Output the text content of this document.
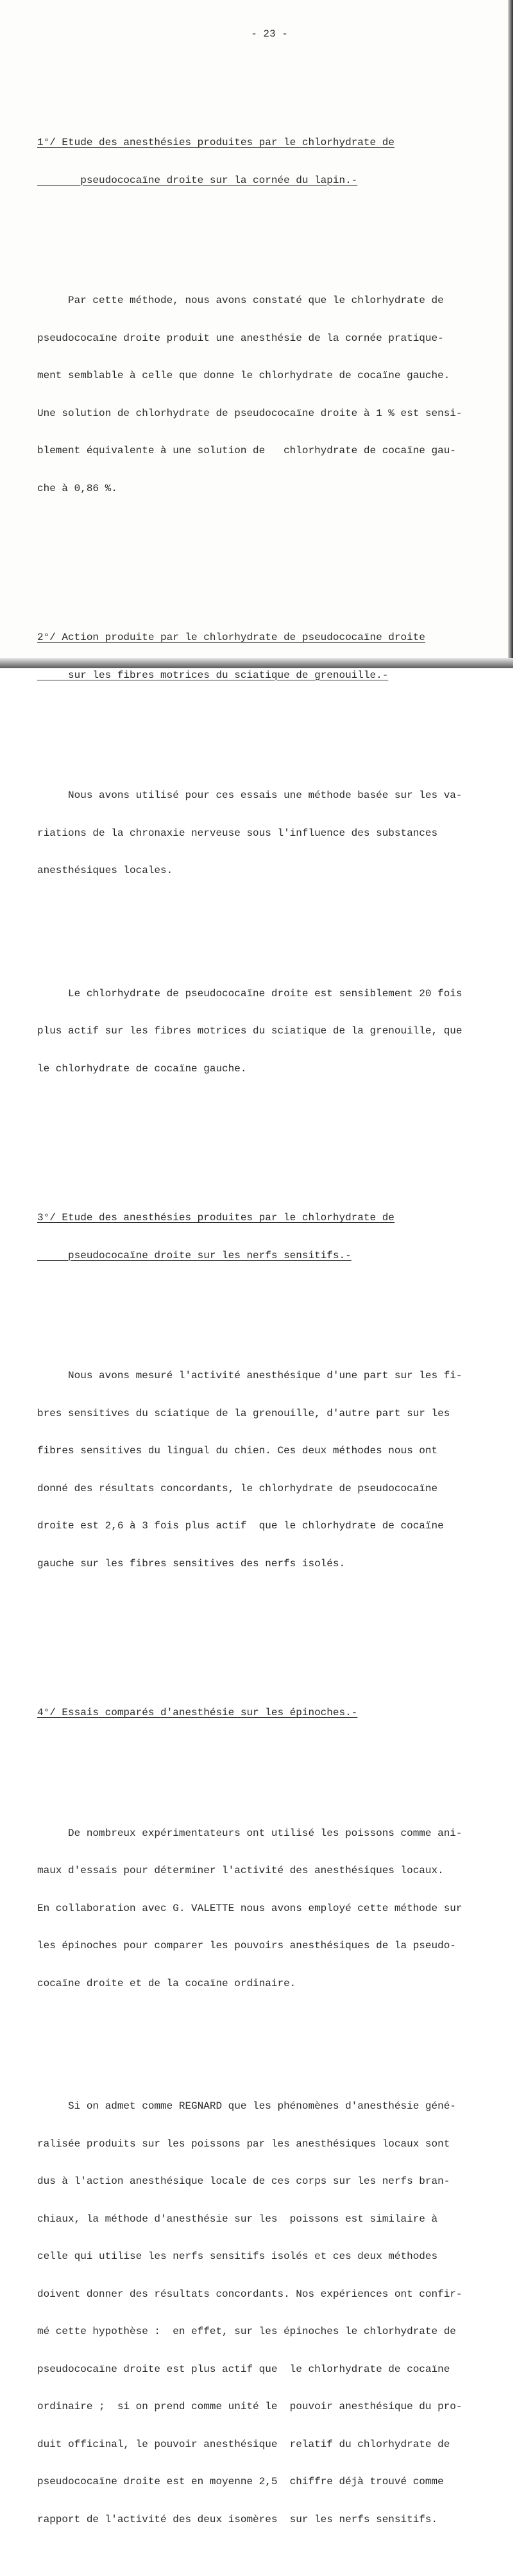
- 23 -

1°/ Etude des anesthésies produites par le chlorhydrate de

pseudococaïne droite sur la cornée du lapin.-

Par cette méthode, nous avons constaté que le chlorhydrate de

pseudococaïne droite produit une anesthésie de la cornée pratique-

ment semblable à celle que donne le chlorhydrate de cocaïne gauche.

Une solution de chlorhydrate de pseudococaïne droite à 1 % est sensi-

blement équivalente à une solution de   chlorhydrate de cocaïne gau-

che à 0,86 %.

2°/ Action produite par le chlorhydrate de pseudococaïne droite

sur les fibres motrices du sciatique de grenouille.-

Nous avons utilisé pour ces essais une méthode basée sur les va-

riations de la chronaxie nerveuse sous l'influence des substances

anesthésiques locales.

Le chlorhydrate de pseudococaïne droite est sensiblement 20 fois

plus actif sur les fibres motrices du sciatique de la grenouille, que

le chlorhydrate de cocaïne gauche.

3°/ Etude des anesthésies produites par le chlorhydrate de

pseudococaïne droite sur les nerfs sensitifs.-

Nous avons mesuré l'activité anesthésique d'une part sur les fi-

bres sensitives du sciatique de la grenouille, d'autre part sur les

fibres sensitives du lingual du chien. Ces deux méthodes nous ont

donné des résultats concordants, le chlorhydrate de pseudococaïne

droite est 2,6 à 3 fois plus actif  que le chlorhydrate de cocaïne

gauche sur les fibres sensitives des nerfs isolés.

4°/ Essais comparés d'anesthésie sur les épinoches.-

De nombreux expérimentateurs ont utilisé les poissons comme ani-

maux d'essais pour déterminer l'activité des anesthésiques locaux.

En collaboration avec G. VALETTE nous avons employé cette méthode sur

les épinoches pour comparer les pouvoirs anesthésiques de la pseudo-

cocaïne droite et de la cocaïne ordinaire.

Si on admet comme REGNARD que les phénomènes d'anesthésie géné-

ralisée produits sur les poissons par les anesthésiques locaux sont

dus à l'action anesthésique locale de ces corps sur les nerfs bran-

chiaux, la méthode d'anesthésie sur les  poissons est similaire à

celle qui utilise les nerfs sensitifs isolés et ces deux méthodes

doivent donner des résultats concordants. Nos expériences ont confir-

mé cette hypothèse :  en effet, sur les épinoches le chlorhydrate de

pseudococaïne droite est plus actif que  le chlorhydrate de cocaïne

ordinaire ;  si on prend comme unité le  pouvoir anesthésique du pro-

duit officinal, le pouvoir anesthésique  relatif du chlorhydrate de

pseudococaïne droite est en moyenne 2,5  chiffre déjà trouvé comme

rapport de l'activité des deux isomères  sur les nerfs sensitifs.
